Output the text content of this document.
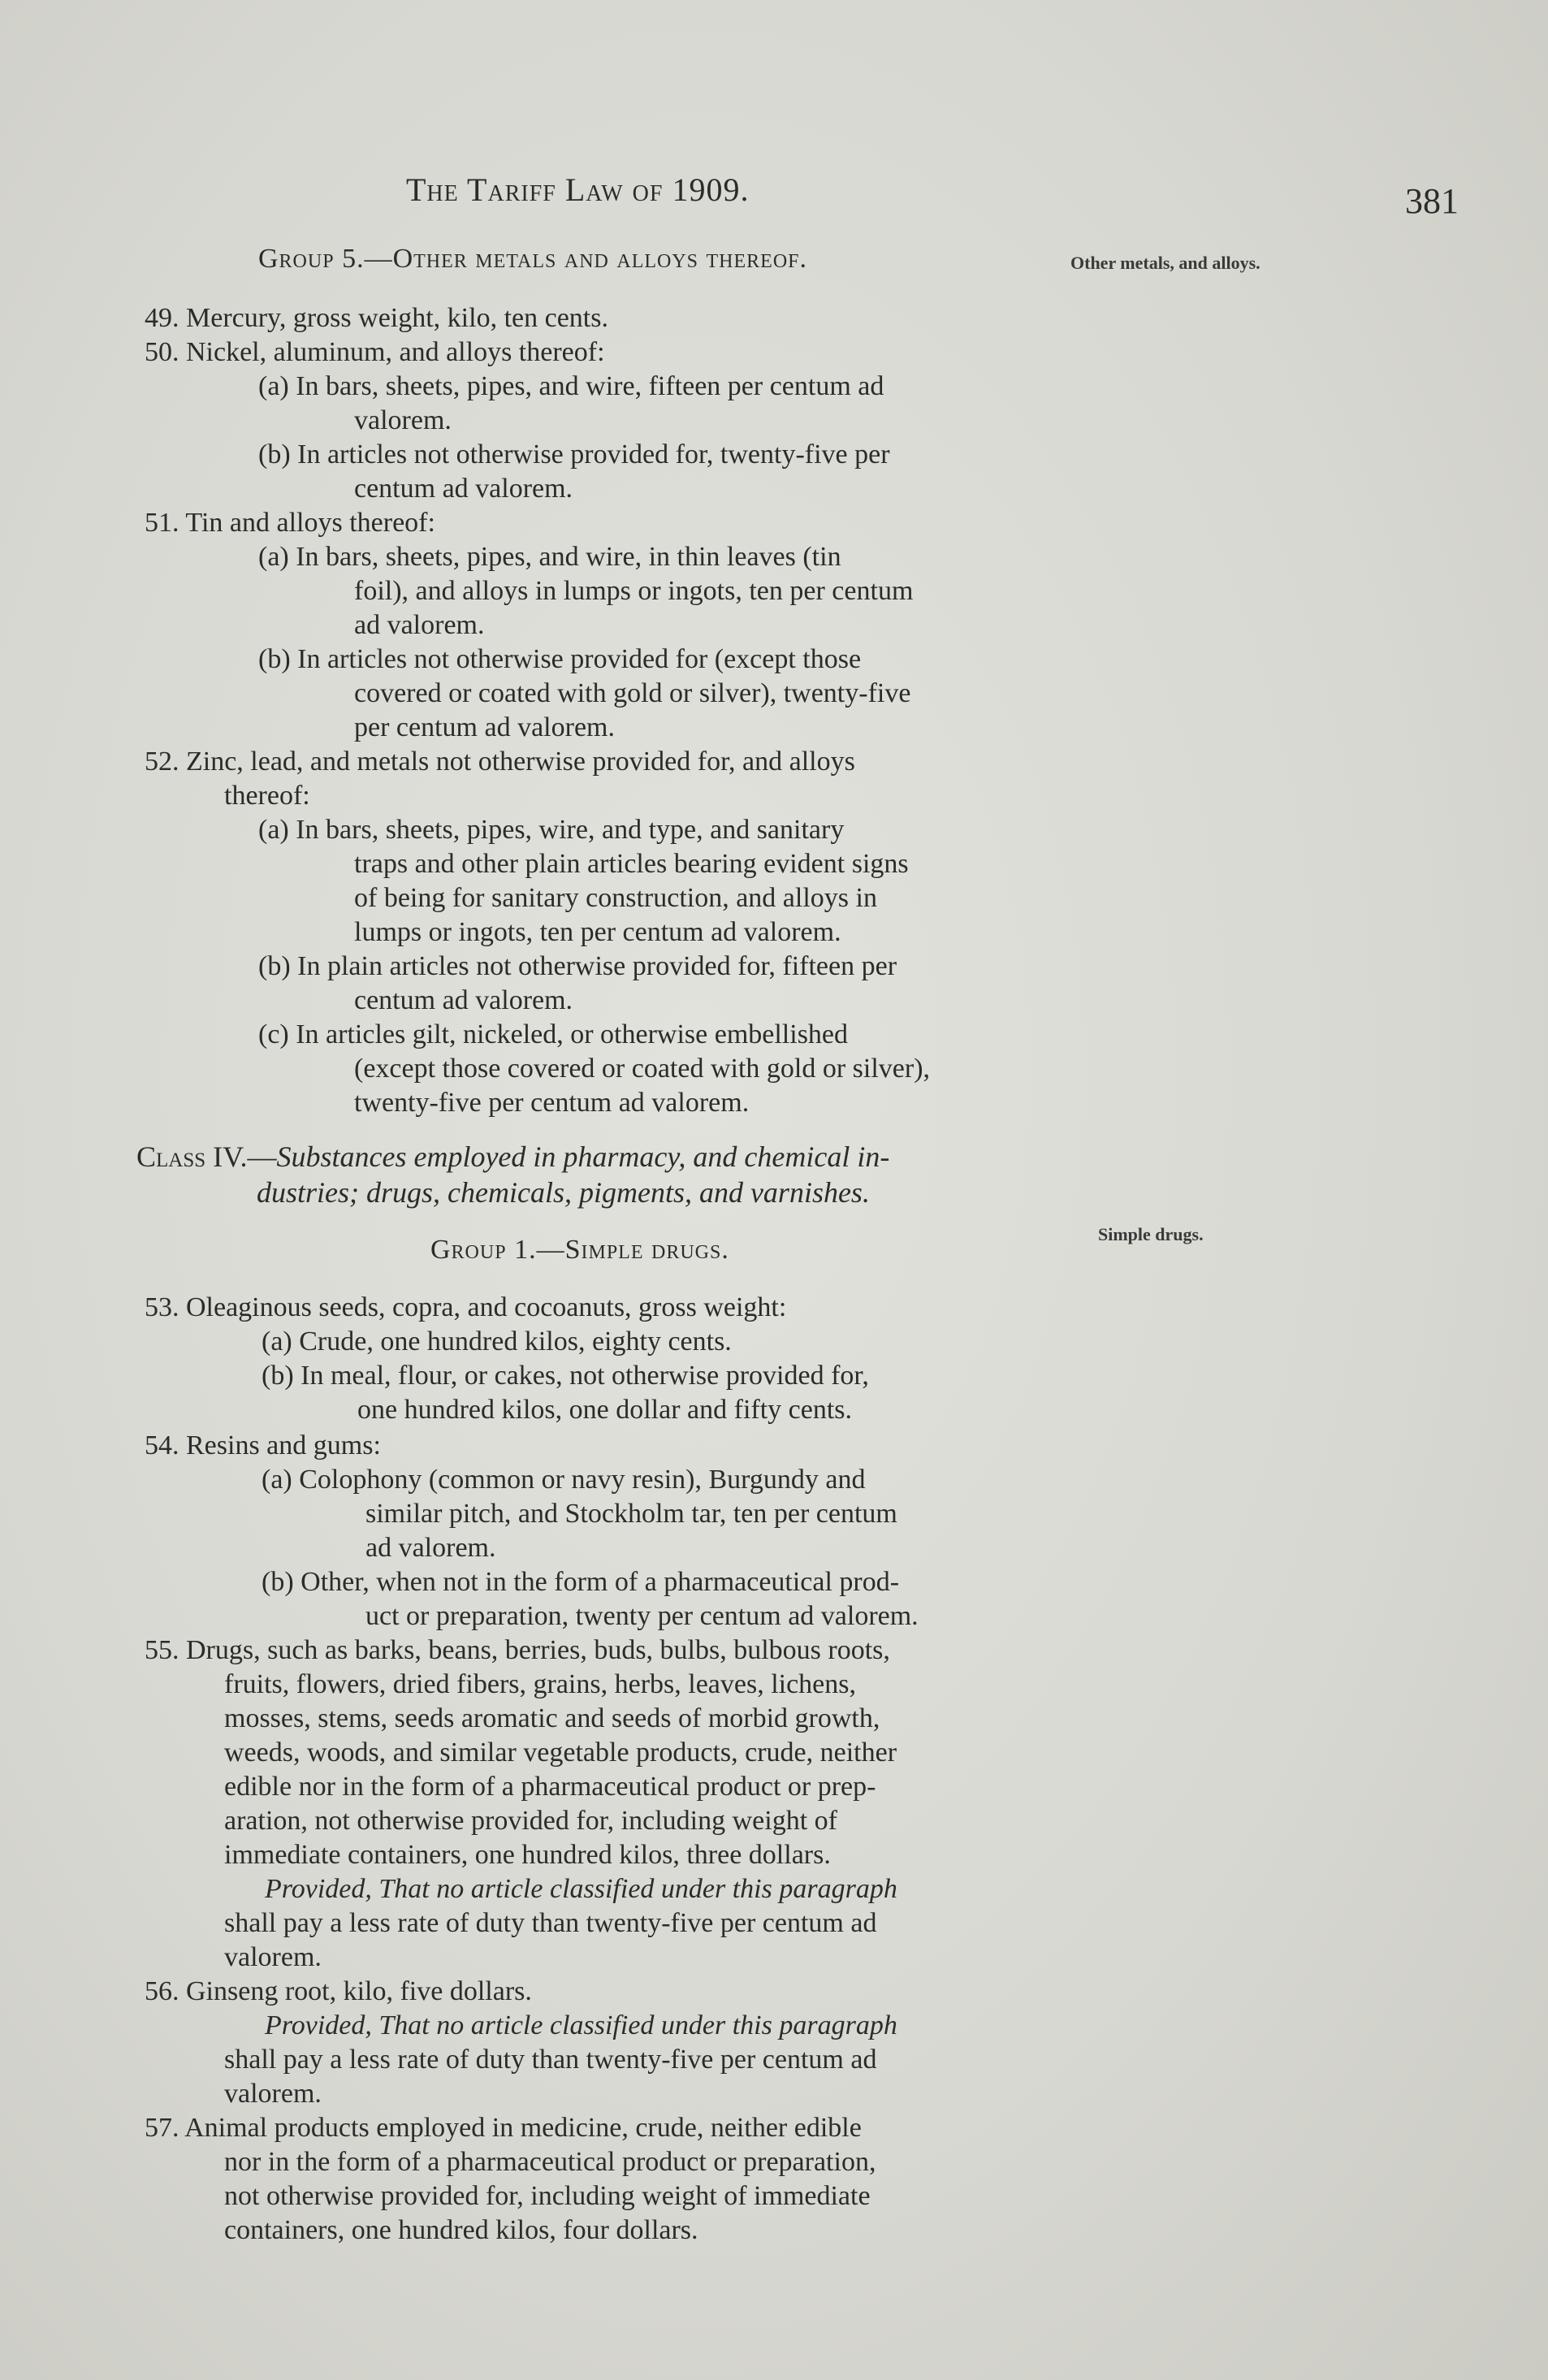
The Tariff Law of 1909.	381
Other metals, and alloys.
Simple drugs.
Group 5.—Other metals and alloys thereof.
49. Mercury, gross weight, kilo, ten cents.
50. Nickel, aluminum, and alloys thereof:
(a) In bars, sheets, pipes, and wire, fifteen per centum ad
valorem.
(b) In articles not otherwise provided for, twenty-five per
centum ad valorem.
51. Tin and alloys thereof:
(a) In bars, sheets, pipes, and wire, in thin leaves (tin
foil), and alloys in lumps or ingots, ten per centum
ad valorem.
(b) In articles not otherwise provided for (except those
covered or coated with gold or silver), twenty-five
per centum ad valorem.
52. Zinc, lead, and metals not otherwise provided for, and alloys
thereof:
(a) In bars, sheets, pipes, wire, and type, and sanitary
traps and other plain articles bearing evident signs
of being for sanitary construction, and alloys in
lumps or ingots, ten per centum ad valorem.
(b) In plain articles not otherwise provided for, fifteen per
centum ad valorem.
(c) In articles gilt, nickeled, or otherwise embellished
(except those covered or coated with gold or silver),
twenty-five per centum ad valorem.
Class IV.—Substances employed in pharmacy, and chemical in-
dustries; drugs, chemicals, pigments, and varnishes.
Group 1.—Simple drugs.
53. Oleaginous seeds, copra, and cocoanuts, gross weight:
(a) Crude, one hundred kilos, eighty cents.
(b) In meal, flour, or cakes, not otherwise provided for,
one hundred kilos, one dollar and fifty cents.
54. Resins and gums:
(a) Colophony (common or navy resin), Burgundy and
similar pitch, and Stockholm tar, ten per centum
ad valorem.
(b) Other, when not in the form of a pharmaceutical prod-
uct or preparation, twenty per centum ad valorem.
55. Drugs, such as barks, beans, berries, buds, bulbs, bulbous roots,
fruits, flowers, dried fibers, grains, herbs, leaves, lichens,
mosses, stems, seeds aromatic and seeds of morbid growth,
weeds, woods, and similar vegetable products, crude, neither
edible nor in the form of a pharmaceutical product or prep-
aration, not otherwise provided for, including weight of
immediate containers, one hundred kilos, three dollars.
Provided, That no article classified under this paragraph
shall pay a less rate of duty than twenty-five per centum ad
valorem.
56. Ginseng root, kilo, five dollars.
Provided, That no article classified under this paragraph
shall pay a less rate of duty than twenty-five per centum ad
valorem.
57. Animal products employed in medicine, crude, neither edible
nor in the form of a pharmaceutical product or preparation,
not otherwise provided for, including weight of immediate
containers, one hundred kilos, four dollars.
